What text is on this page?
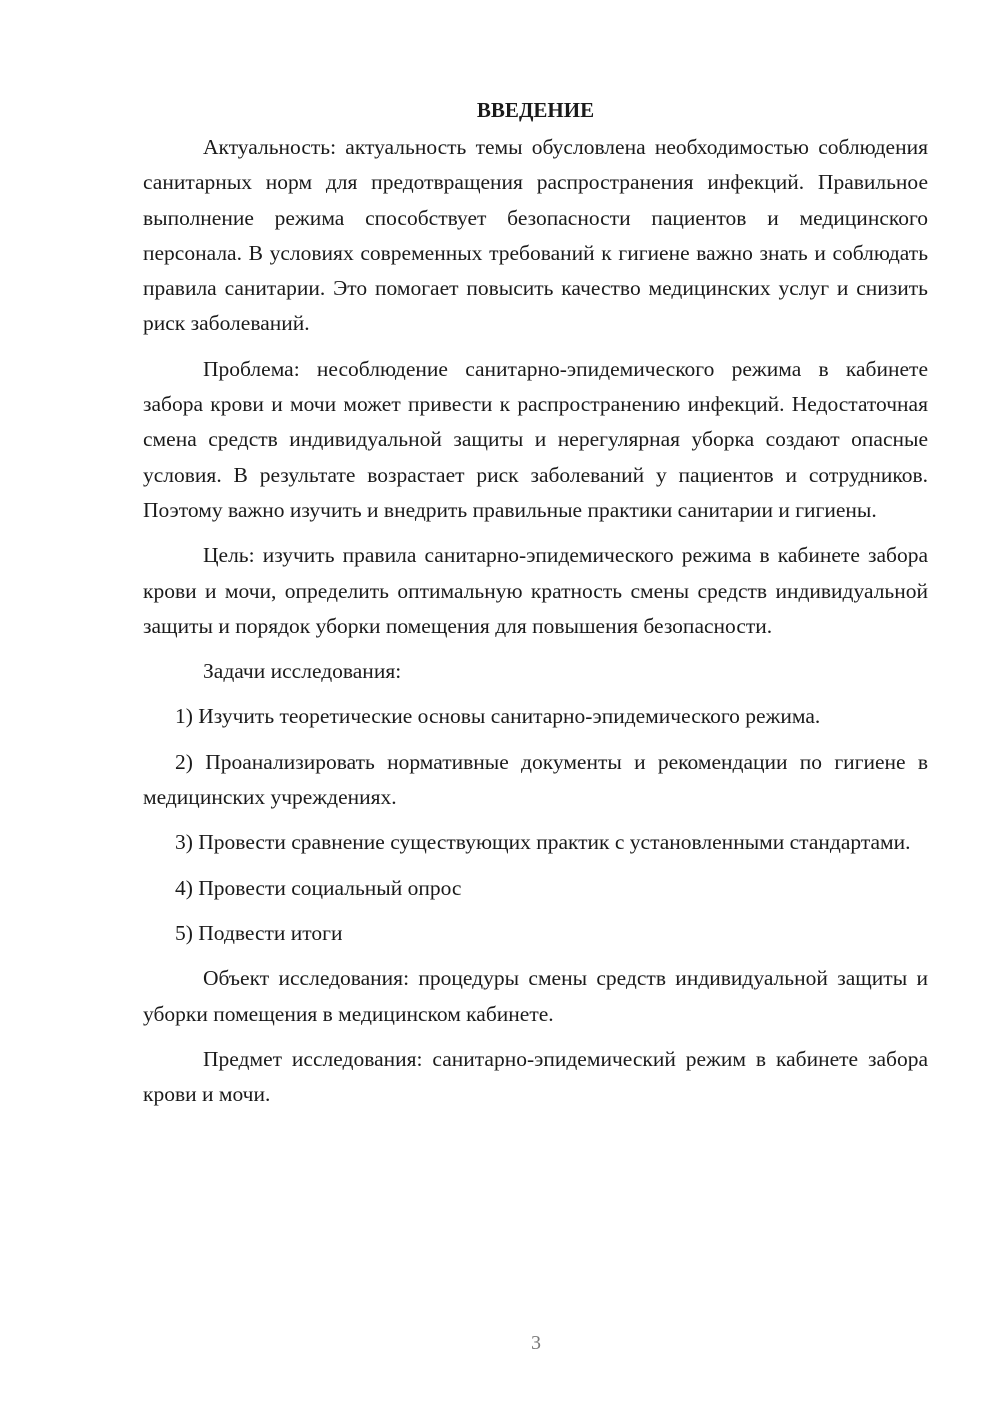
ВВЕДЕНИЕ

Актуальность: актуальность темы обусловлена необходимостью соблюдения санитарных норм для предотвращения распространения инфекций. Правильное выполнение режима способствует безопасности пациентов и медицинского персонала. В условиях современных требований к гигиене важно знать и соблюдать правила санитарии. Это помогает повысить качество медицинских услуг и снизить риск заболеваний.

Проблема: несоблюдение санитарно-эпидемического режима в кабинете забора крови и мочи может привести к распространению инфекций. Недостаточная смена средств индивидуальной защиты и нерегулярная уборка создают опасные условия. В результате возрастает риск заболеваний у пациентов и сотрудников. Поэтому важно изучить и внедрить правильные практики санитарии и гигиены.

Цель: изучить правила санитарно-эпидемического режима в кабинете забора крови и мочи, определить оптимальную кратность смены средств индивидуальной защиты и порядок уборки помещения для повышения безопасности.

Задачи исследования:

1) Изучить теоретические основы санитарно-эпидемического режима.

2) Проанализировать нормативные документы и рекомендации по гигиене в медицинских учреждениях.

3) Провести сравнение существующих практик с установленными стандартами.

4) Провести социальный опрос

5) Подвести итоги

Объект исследования: процедуры смены средств индивидуальной защиты и уборки помещения в медицинском кабинете.

Предмет исследования: санитарно-эпидемический режим в кабинете забора крови и мочи.

3
